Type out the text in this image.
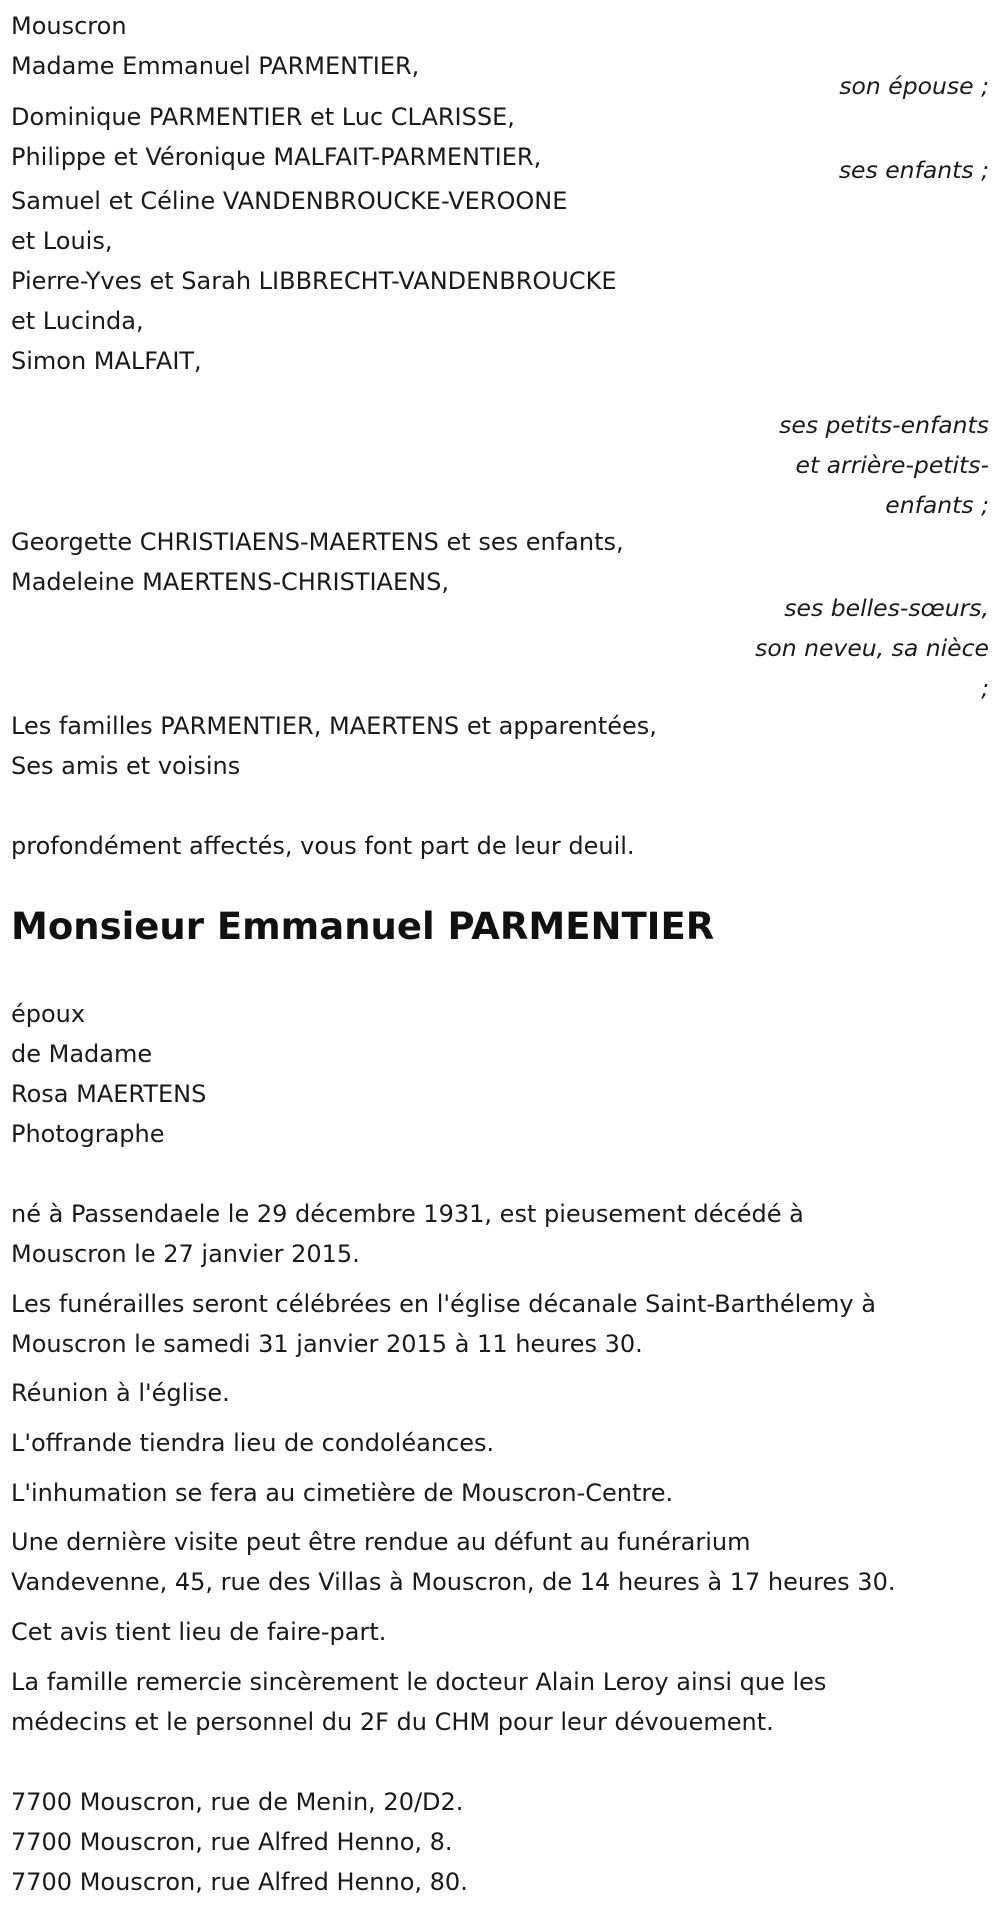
Mouscron
Madame Emmanuel PARMENTIER,
son épouse ;
Dominique PARMENTIER et Luc CLARISSE,
Philippe et Véronique MALFAIT-PARMENTIER,	ses enfants ;
Samuel et Céline VANDENBROUCKE-VEROONE
et Louis,
Pierre-Yves et Sarah LIBBRECHT-VANDENBROUCKE
et Lucinda,
Simon MALFAIT,
ses petits-enfants
et arrière-petits-
enfants ;
Georgette CHRISTIAENS-MAERTENS et ses enfants,
Madeleine MAERTENS-CHRISTIAENS,
ses belles-sœurs,
son neveu, sa nièce
;
Les familles PARMENTIER, MAERTENS et apparentées,
Ses amis et voisins
profondément affectés, vous font part de leur deuil.
Monsieur Emmanuel PARMENTIER
époux
de Madame
Rosa MAERTENS
Photographe
né à Passendaele le 29 décembre 1931, est pieusement décédé à
Mouscron le 27 janvier 2015.
Les funérailles seront célébrées en l'église décanale Saint-Barthélemy à
Mouscron le samedi 31 janvier 2015 à 11 heures 30.
Réunion à l'église.
L'offrande tiendra lieu de condoléances.
L'inhumation se fera au cimetière de Mouscron-Centre.
Une dernière visite peut être rendue au défunt au funérarium
Vandevenne, 45, rue des Villas à Mouscron, de 14 heures à 17 heures 30.
Cet avis tient lieu de faire-part.
La famille remercie sincèrement le docteur Alain Leroy ainsi que les
médecins et le personnel du 2F du CHM pour leur dévouement.
7700 Mouscron, rue de Menin, 20/D2.
7700 Mouscron, rue Alfred Henno, 8.
7700 Mouscron, rue Alfred Henno, 80.
